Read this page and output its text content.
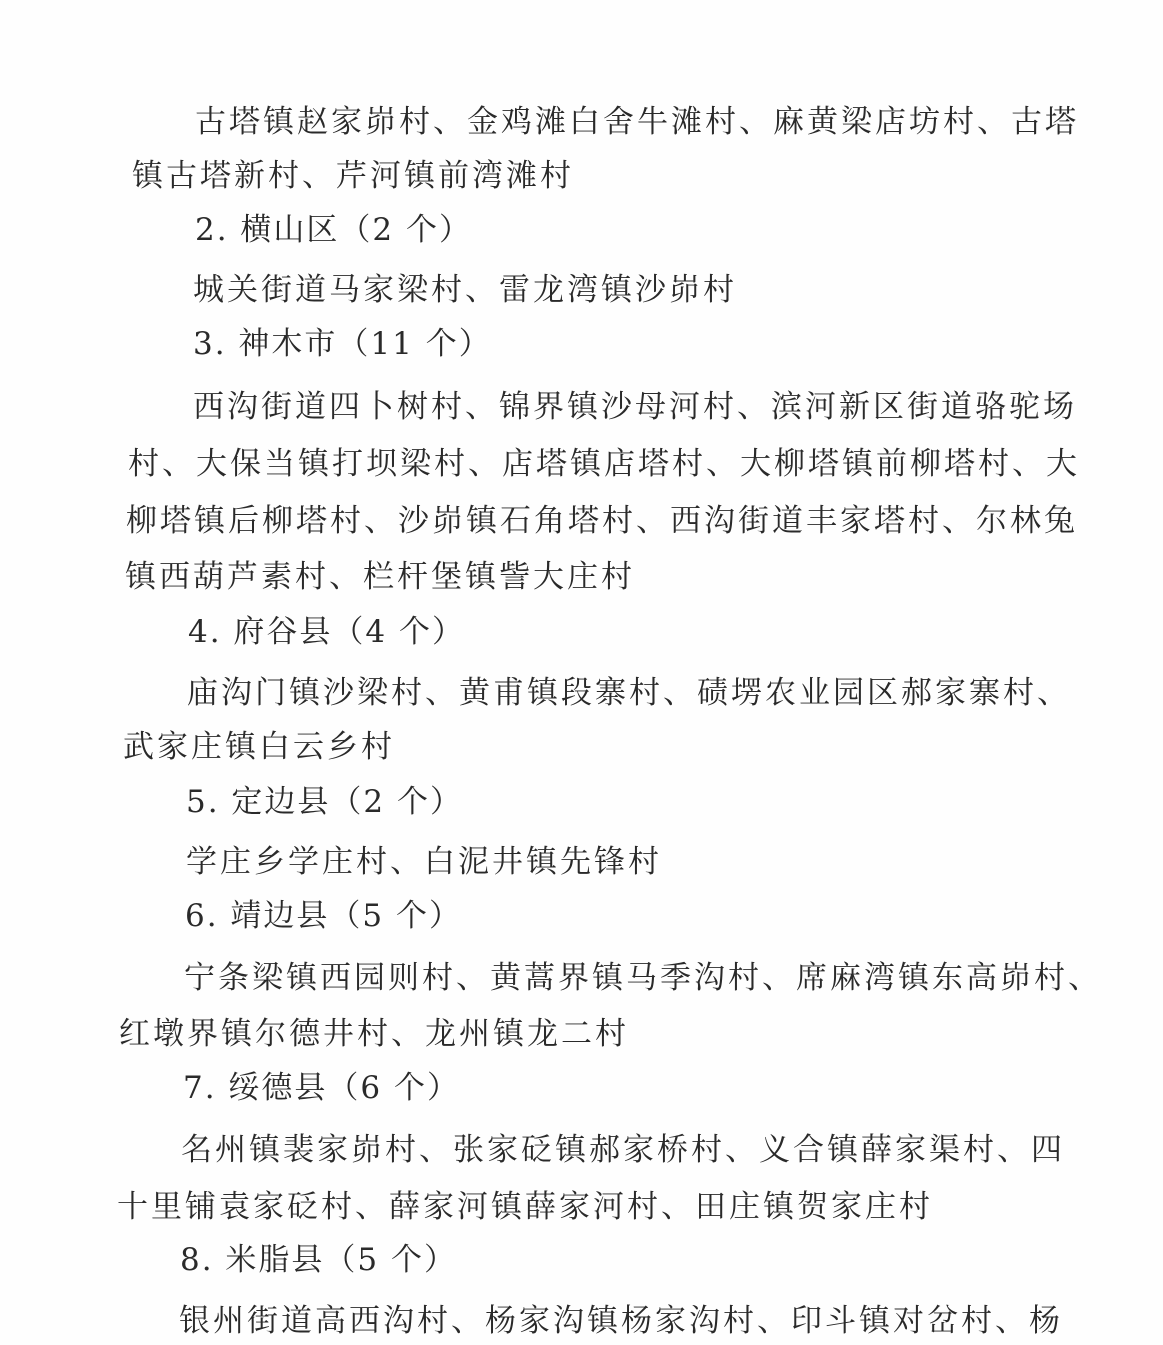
古塔镇赵家峁村、金鸡滩白舍牛滩村、麻黄梁店坊村、古塔
镇古塔新村、芹河镇前湾滩村
2. 横山区（2 个）
城关街道马家梁村、雷龙湾镇沙峁村
3. 神木市（11 个）
西沟街道四卜树村、锦界镇沙母河村、滨河新区街道骆驼场
村、大保当镇打坝梁村、店塔镇店塔村、大柳塔镇前柳塔村、大
柳塔镇后柳塔村、沙峁镇石角塔村、西沟街道丰家塔村、尔林兔
镇西葫芦素村、栏杆堡镇訾大庄村
4. 府谷县（4 个）
庙沟门镇沙梁村、黄甫镇段寨村、碛塄农业园区郝家寨村、
武家庄镇白云乡村
5. 定边县（2 个）
学庄乡学庄村、白泥井镇先锋村
6. 靖边县（5 个）
宁条梁镇西园则村、黄蒿界镇马季沟村、席麻湾镇东高峁村、
红墩界镇尔德井村、龙州镇龙二村
7. 绥德县（6 个）
名州镇裴家峁村、张家砭镇郝家桥村、义合镇薛家渠村、四
十里铺袁家砭村、薛家河镇薛家河村、田庄镇贺家庄村
8. 米脂县（5 个）
银州街道高西沟村、杨家沟镇杨家沟村、印斗镇对岔村、杨
